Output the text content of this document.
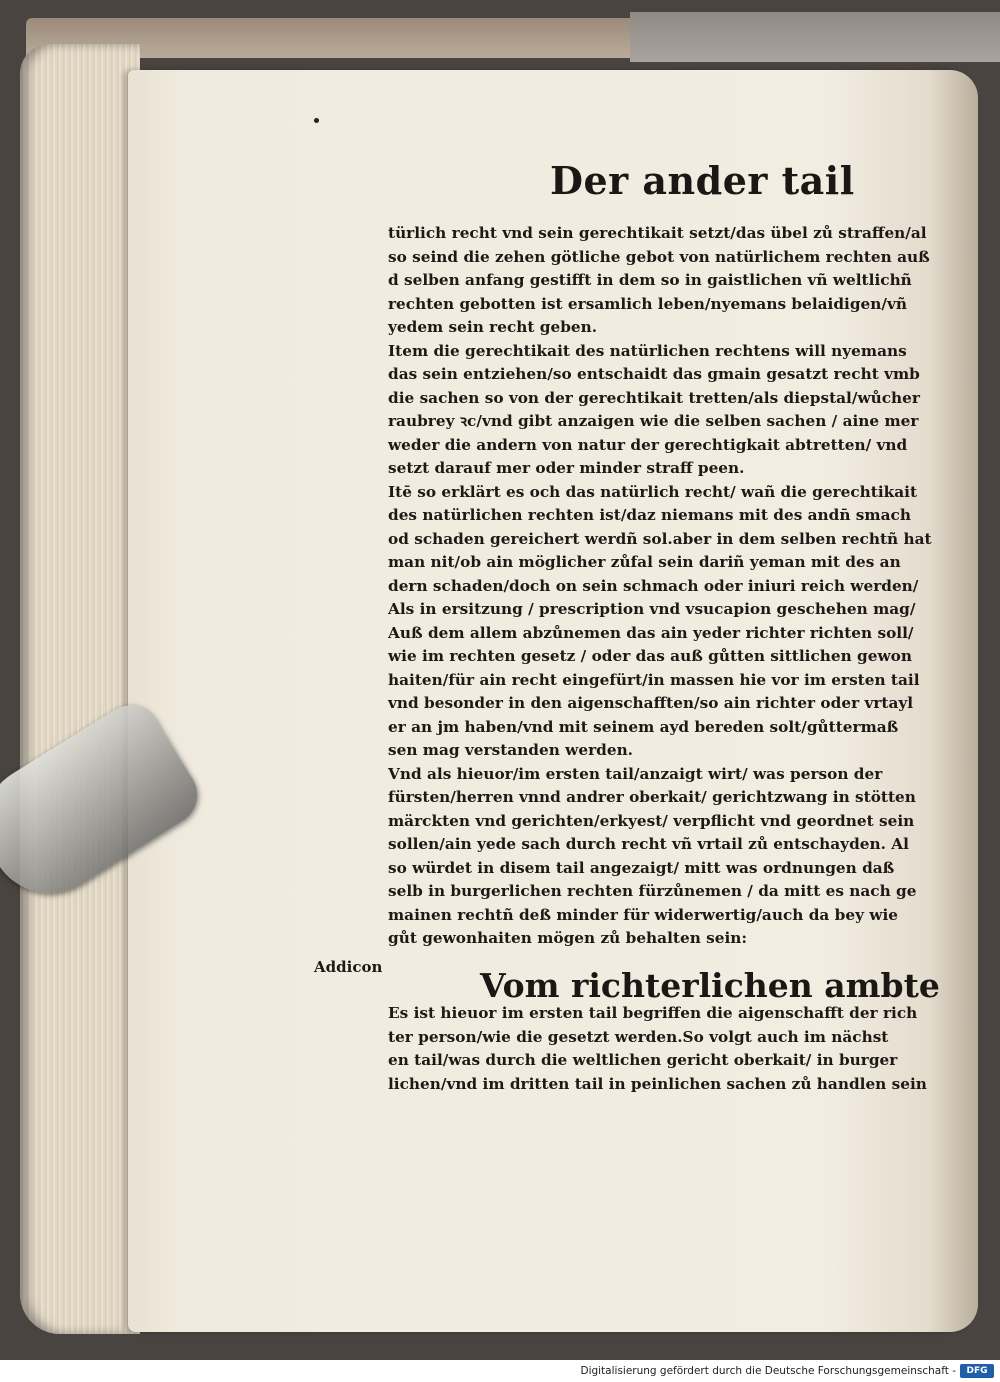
Der ander tail
türlich recht vnd sein gerechtikait setzt/das übel zů straffen/al
so seind die zehen götliche gebot von natürlichem rechten auß
d selben anfang gestifft in dem so in gaistlichen vñ weltlichñ
rechten gebotten ist ersamlich leben/nyemans belaidigen/vñ
yedem sein recht geben.
Item die gerechtikait des natürlichen rechtens will nyemans
das sein entziehen/so entschaidt das gmain gesatzt recht vmb
die sachen so von der gerechtikait tretten/als diepstal/wůcher
raubrey ꝛc/vnd gibt anzaigen wie die selben sachen / aine mer
weder die andern von natur der gerechtigkait abtretten/ vnd
setzt darauf mer oder minder straff peen.
Itē so erklärt es och das natürlich recht/ wañ die gerechtikait
des natürlichen rechten ist/daz niemans mit des andn̄ smach
od schaden gereichert werdñ sol.aber in dem selben rechtñ hat
man nit/ob ain möglicher zůfal sein dariñ yeman mit des an
dern schaden/doch on sein schmach oder iniuri reich werden/
Als in ersitzung / prescription vnd vsucapion geschehen mag/
Auß dem allem abzůnemen das ain yeder richter richten soll/
wie im rechten gesetz / oder das auß gůtten sittlichen gewon
haiten/für ain recht eingefürt/in massen hie vor im ersten tail
vnd besonder in den aigenschafften/so ain richter oder vrtayl
er an jm haben/vnd mit seinem ayd bereden solt/gůttermaß
sen mag verstanden werden.
Vnd als hieuor/im ersten tail/anzaigt wirt/ was person der
fürsten/herren vnnd andrer oberkait/ gerichtzwang in stötten
märckten vnd gerichten/erkyest/ verpflicht vnd geordnet sein
sollen/ain yede sach durch recht vñ vrtail zů entschayden. Al
so würdet in disem tail angezaigt/ mitt was ordnungen daß
selb in burgerlichen rechten fürzůnemen / da mitt es nach ge
mainen rechtñ deß minder für widerwertig/auch da bey wie
gůt gewonhaiten mögen zů behalten sein:
Addicon	Vom richterlichen ambte
Es ist hieuor im ersten tail begriffen die aigenschafft der rich
ter person/wie die gesetzt werden.So volgt auch im nächst
en tail/was durch die weltlichen gericht oberkait/ in burger
lichen/vnd im dritten tail in peinlichen sachen zů handlen sein
Digitalisierung gefördert durch die Deutsche Forschungsgemeinschaft -	DFG
